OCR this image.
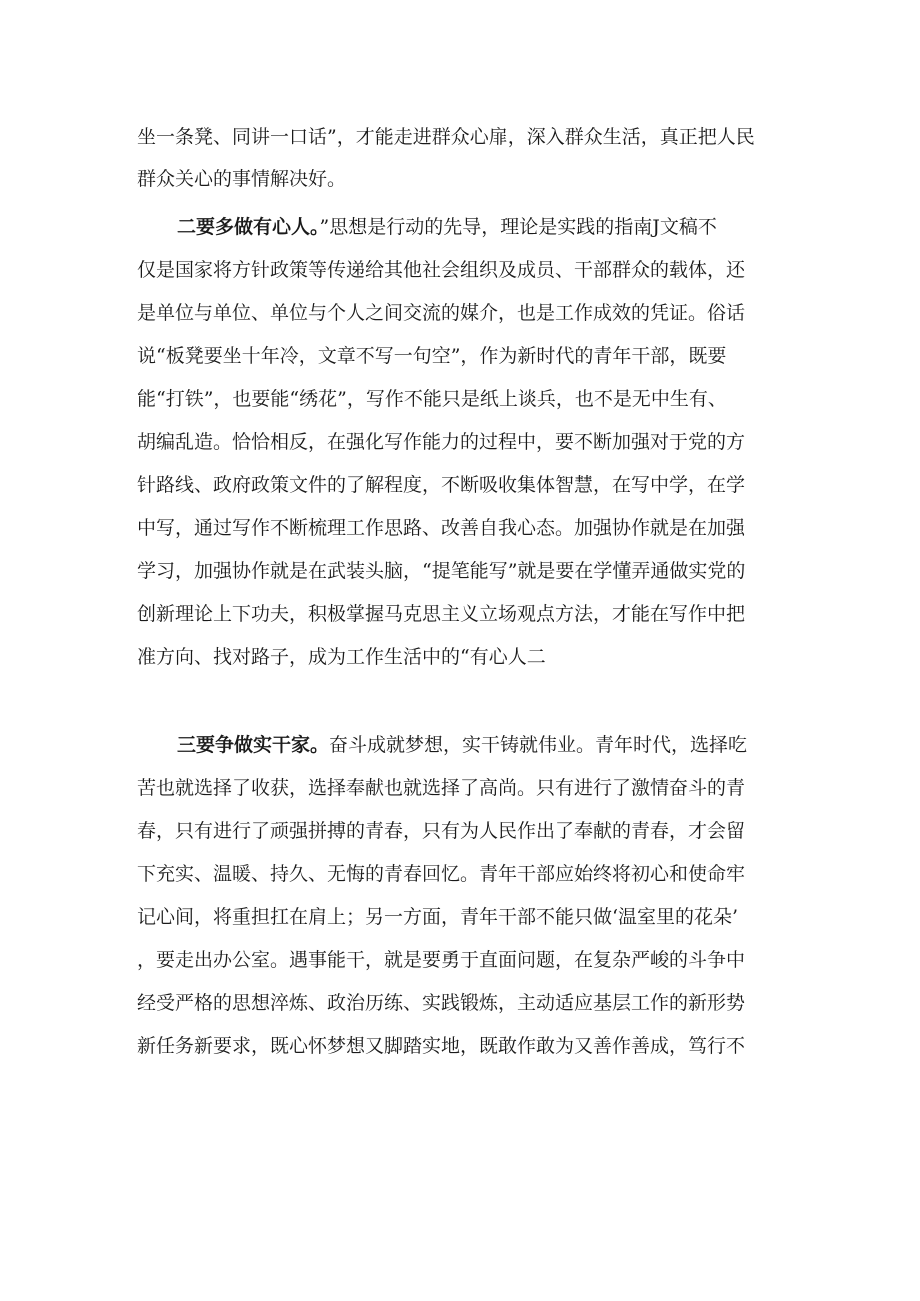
坐一条凳、同讲一口话”，才能走进群众心扉，深入群众生活，真正把人民
群众关心的事情解决好。
二要多做有心人。”思想是行动的先导，理论是实践的指南J文稿不
仅是国家将方针政策等传递给其他社会组织及成员、干部群众的载体，还
是单位与单位、单位与个人之间交流的媒介，也是工作成效的凭证。俗话
说“板凳要坐十年冷，文章不写一句空”，作为新时代的青年干部，既要
能“打铁”，也要能“绣花”，写作不能只是纸上谈兵，也不是无中生有、
胡编乱造。恰恰相反，在强化写作能力的过程中，要不断加强对于党的方
针路线、政府政策文件的了解程度，不断吸收集体智慧，在写中学，在学
中写，通过写作不断梳理工作思路、改善自我心态。加强协作就是在加强
学习，加强协作就是在武装头脑，“提笔能写”就是要在学懂弄通做实党的
创新理论上下功夫，积极掌握马克思主义立场观点方法，才能在写作中把
准方向、找对路子，成为工作生活中的“有心人二
三要争做实干家。奋斗成就梦想，实干铸就伟业。青年时代，选择吃
苦也就选择了收获，选择奉献也就选择了高尚。只有进行了激情奋斗的青
春，只有进行了顽强拼搏的青春，只有为人民作出了奉献的青春，才会留
下充实、温暖、持久、无悔的青春回忆。青年干部应始终将初心和使命牢
记心间，将重担扛在肩上；另一方面，青年干部不能只做‘温室里的花朵’
，要走出办公室。遇事能干，就是要勇于直面问题，在复杂严峻的斗争中
经受严格的思想淬炼、政治历练、实践锻炼，主动适应基层工作的新形势
新任务新要求，既心怀梦想又脚踏实地，既敢作敢为又善作善成，笃行不
